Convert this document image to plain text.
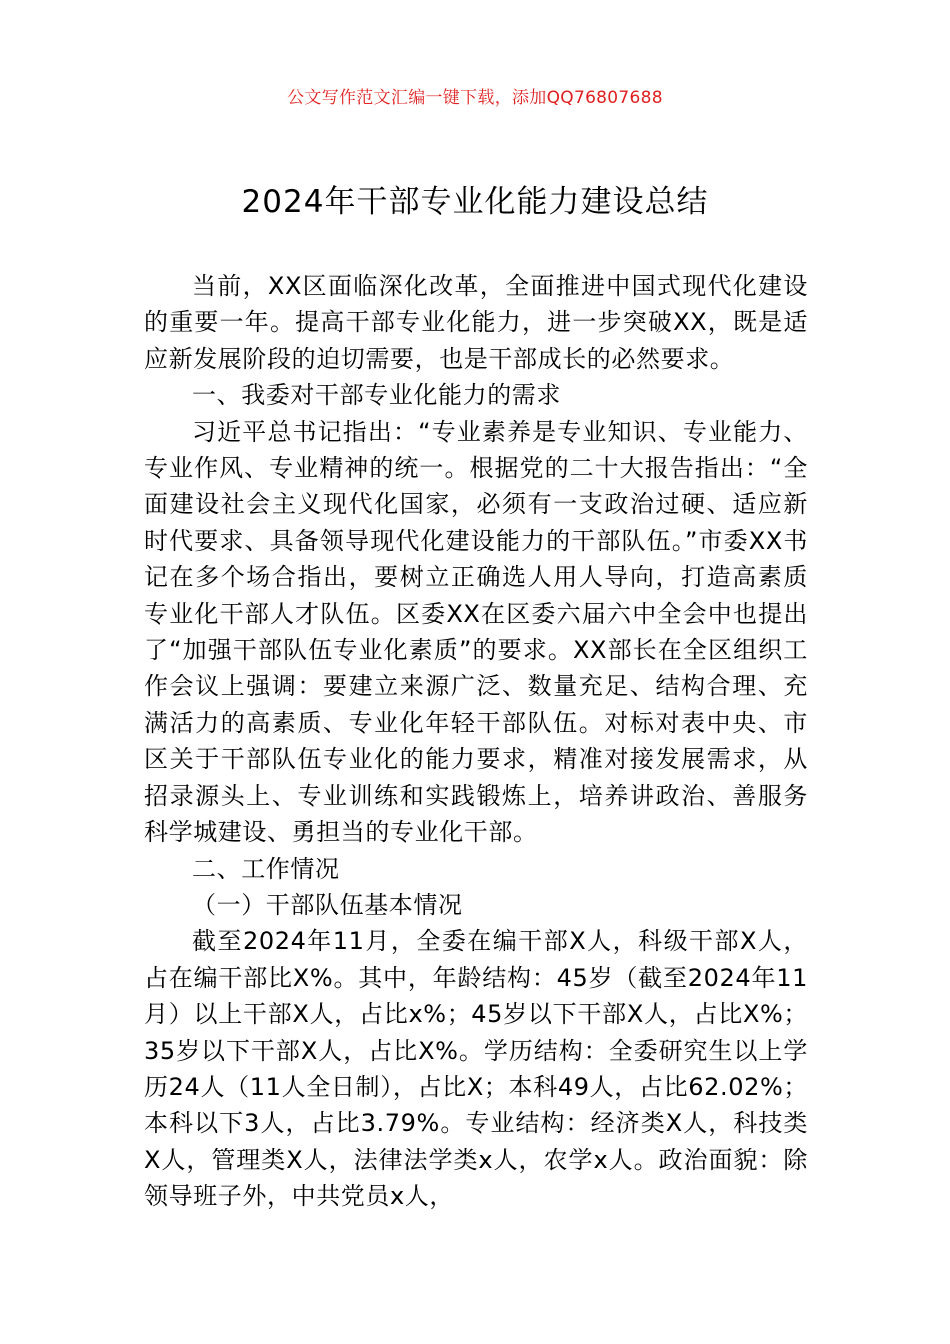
公文写作范文汇编一键下载，添加QQ76807688
2024年干部专业化能力建设总结

当前，XX区面临深化改革，全面推进中国式现代化建设的重要一年。提高干部专业化能力，进一步突破XX，既是适应新发展阶段的迫切需要，也是干部成长的必然要求。

一、我委对干部专业化能力的需求

习近平总书记指出：“专业素养是专业知识、专业能力、专业作风、专业精神的统一。根据党的二十大报告指出：“全面建设社会主义现代化国家，必须有一支政治过硬、适应新时代要求、具备领导现代化建设能力的干部队伍。”市委XX书记在多个场合指出，要树立正确选人用人导向，打造高素质专业化干部人才队伍。区委XX在区委六届六中全会中也提出了“加强干部队伍专业化素质”的要求。XX部长在全区组织工作会议上强调：要建立来源广泛、数量充足、结构合理、充满活力的高素质、专业化年轻干部队伍。对标对表中央、市区关于干部队伍专业化的能力要求，精准对接发展需求，从招录源头上、专业训练和实践锻炼上，培养讲政治、善服务科学城建设、勇担当的专业化干部。

二、工作情况

（一）干部队伍基本情况

截至2024年11月，全委在编干部X人，科级干部X人，占在编干部比X%。其中，年龄结构：45岁（截至2024年11月）以上干部X人，占比x%；45岁以下干部X人，占比X%；35岁以下干部X人，占比X%。学历结构：全委研究生以上学历24人（11人全日制），占比X；本科49人，占比62.02%；本科以下3人，占比3.79%。专业结构：经济类X人，科技类X人，管理类X人，法律法学类x人，农学x人。政治面貌：除领导班子外，中共党员x人，
